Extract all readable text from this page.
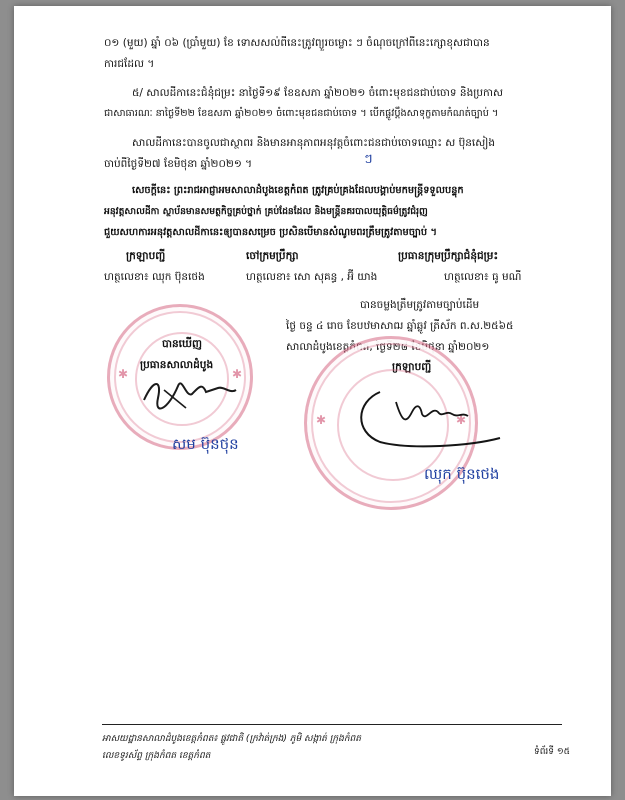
០១ (មួយ) ឆ្នាំ ០៦ (ប្រាំមួយ) ខែ ទោសសល់ពីនេះត្រូវព្យួរចម្លោះ ៗ ចំណុចក្រៅពីនេះក្សោខុសជាបាន
ការជដែល ។
៥/ សាលដីកានេះជំនុំជម្រះ នាថ្ងៃទី១៩ ខែឧសភា ឆ្នាំ២០២១ ចំពោះមុខជនជាប់ចោទ និងប្រកាស
ជាសាធារណៈ នាថ្ងៃទី២២ ខែឧសភា ឆ្នាំ២០២១ ចំពោះមុខជនជាប់ចោទ ។ បើកផ្លូវប្ដឹងសាទុក្ខតាមកំណត់ច្បាប់ ។
សាលដីកានេះបានចូលជាស្ថាពរ និងមានអានុភាពអនុវត្តចំពោះជនជាប់ចោទឈ្មោះ ស ប៊ុនសៀង
ចាប់ពីថ្ងៃទី២៧ ខែមិថុនា ឆ្នាំ២០២១ ។	ៗ
សេចក្តីនេះ ព្រះរាជអាជ្ញាអមសាលាដំបូងខេត្តកំពត ត្រូវគ្រប់គ្រងដែលបង្គាប់មកមន្ត្រីទទួលបន្ទុក
អនុវត្តសាលដីកា ស្ថាប័នមានសមត្ថកិច្ចគ្រប់ថ្នាក់ គ្រប់ដែនដែល និងមន្ត្រីនគរបាលយុត្តិធម៌ត្រូវជំរុញ
ជួយសហការអនុវត្តសាលដីកានេះឲ្យបានសម្រេច ប្រសិនបើមានសំណូមពរត្រឹមត្រូវតាមច្បាប់ ។
ក្រឡាបញ្ជី	ចៅក្រមប្រឹក្សា	ប្រធានក្រុមប្រឹក្សាជំនុំជម្រះ
ហត្ថលេខា៖ ឈុក ប៊ុនថេង	ហត្ថលេខា៖ សោ សុគន្ធ , អ៊ី យាង	ហត្ថលេខា៖ ធូ មណី
បានចម្លងត្រឹមត្រូវតាមច្បាប់ដើម
ថ្ងៃ ចន្ទ ៤ រោច ខែបឋមាសាឍ ឆ្នាំឆ្លូវ ត្រីស័ក ព.ស.២៥៦៥
សាលាដំបូងខេត្តកំពត, ថ្ងៃទី២៨ ខែមិថុនា ឆ្នាំ២០២១
ក្រឡាបញ្ជី
✱	✱
បានឃើញ
ប្រធានសាលាដំបូង
សម ប៊ុនថុន
✱	✱
ឈុក ប៊ុនថេង
អាសយដ្ឋានសាលាដំបូងខេត្តកំពត៖ ផ្លូវជាតិ (ក្រវ៉ាត់ក្រង) ភូមិ សង្កាត់ ក្រុងកំពត
លេខទូរស័ព្ទ ក្រុងកំពត ខេត្តកំពត	ទំព័រទី ១៥
